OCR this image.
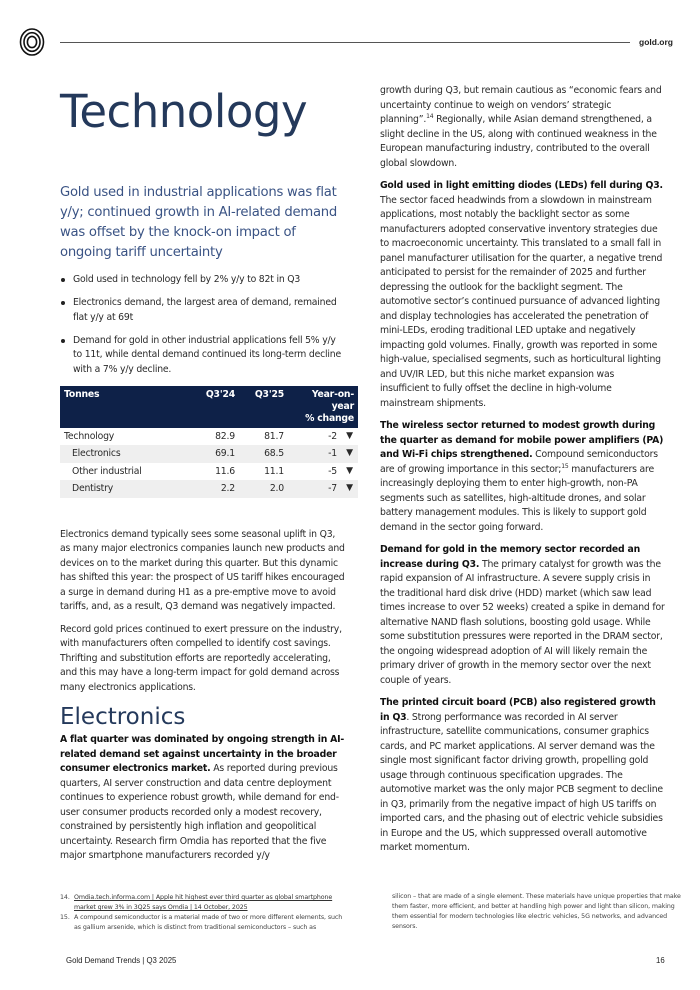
gold.org
Technology

Gold used in industrial applications was flat y/y; continued growth in AI-related demand was offset by the knock-on impact of ongoing tariff uncertainty

Gold used in technology fell by 2% y/y to 82t in Q3
Electronics demand, the largest area of demand, remained flat y/y at 69t
Demand for gold in other industrial applications fell 5% y/y to 11t, while dental demand continued its long-term decline with a 7% y/y decline.
Tonnes	Q3'24	Q3'25	Year-on-year
% change	
Technology	82.9	81.7	-2	▼
Electronics	69.1	68.5	-1	▼
Other industrial	11.6	11.1	-5	▼
Dentistry	2.2	2.0	-7	▼

Electronics demand typically sees some seasonal uplift in Q3, as many major electronics companies launch new products and devices on to the market during this quarter. But this dynamic has shifted this year: the prospect of US tariff hikes encouraged a surge in demand during H1 as a pre-emptive move to avoid tariffs, and, as a result, Q3 demand was negatively impacted.

Record gold prices continued to exert pressure on the industry, with manufacturers often compelled to identify cost savings. Thrifting and substitution efforts are reportedly accelerating, and this may have a long-term impact for gold demand across many electronics applications.

Electronics

A flat quarter was dominated by ongoing strength in AI-related demand set against uncertainty in the broader consumer electronics market. As reported during previous quarters, AI server construction and data centre deployment continues to experience robust growth, while demand for end-user consumer products recorded only a modest recovery, constrained by persistently high inflation and geopolitical uncertainty. Research firm Omdia has reported that the five major smartphone manufacturers recorded y/y

growth during Q3, but remain cautious as “economic fears and uncertainty continue to weigh on vendors’ strategic planning”.$^{14}$ Regionally, while Asian demand strengthened, a slight decline in the US, along with continued weakness in the European manufacturing industry, contributed to the overall global slowdown.

Gold used in light emitting diodes (LEDs) fell during Q3. The sector faced headwinds from a slowdown in mainstream applications, most notably the backlight sector as some manufacturers adopted conservative inventory strategies due to macroeconomic uncertainty. This translated to a small fall in panel manufacturer utilisation for the quarter, a negative trend anticipated to persist for the remainder of 2025 and further depressing the outlook for the backlight segment. The automotive sector’s continued pursuance of advanced lighting and display technologies has accelerated the penetration of mini-LEDs, eroding traditional LED uptake and negatively impacting gold volumes. Finally, growth was reported in some high-value, specialised segments, such as horticultural lighting and UV/IR LED, but this niche market expansion was insufficient to fully offset the decline in high-volume mainstream shipments.

The wireless sector returned to modest growth during the quarter as demand for mobile power amplifiers (PA) and Wi-Fi chips strengthened. Compound semiconductors are of growing importance in this sector;$^{15}$ manufacturers are increasingly deploying them to enter high-growth, non-PA segments such as satellites, high-altitude drones, and solar battery management modules. This is likely to support gold demand in the sector going forward.

Demand for gold in the memory sector recorded an increase during Q3. The primary catalyst for growth was the rapid expansion of AI infrastructure. A severe supply crisis in the traditional hard disk drive (HDD) market (which saw lead times increase to over 52 weeks) created a spike in demand for alternative NAND flash solutions, boosting gold usage. While some substitution pressures were reported in the DRAM sector, the ongoing widespread adoption of AI will likely remain the primary driver of growth in the memory sector over the next couple of years.

The printed circuit board (PCB) also registered growth in Q3. Strong performance was recorded in AI server infrastructure, satellite communications, consumer graphics cards, and PC market applications. AI server demand was the single most significant factor driving growth, propelling gold usage through continuous specification upgrades. The automotive market was the only major PCB segment to decline in Q3, primarily from the negative impact of high US tariffs on imported cars, and the phasing out of electric vehicle subsidies in Europe and the US, which suppressed overall automotive market momentum.

14. Omdia.tech.informa.com | Apple hit highest ever third quarter as global smartphone market grew 3% in 3Q25 says Omdia | 14 October, 2025
15. A compound semiconductor is a material made of two or more different elements, such as gallium arsenide, which is distinct from traditional semiconductors – such as
silicon – that are made of a single element. These materials have unique properties that make them faster, more efficient, and better at handling high power and light than silicon, making them essential for modern technologies like electric vehicles, 5G networks, and advanced sensors.
Gold Demand Trends | Q3 2025	16
